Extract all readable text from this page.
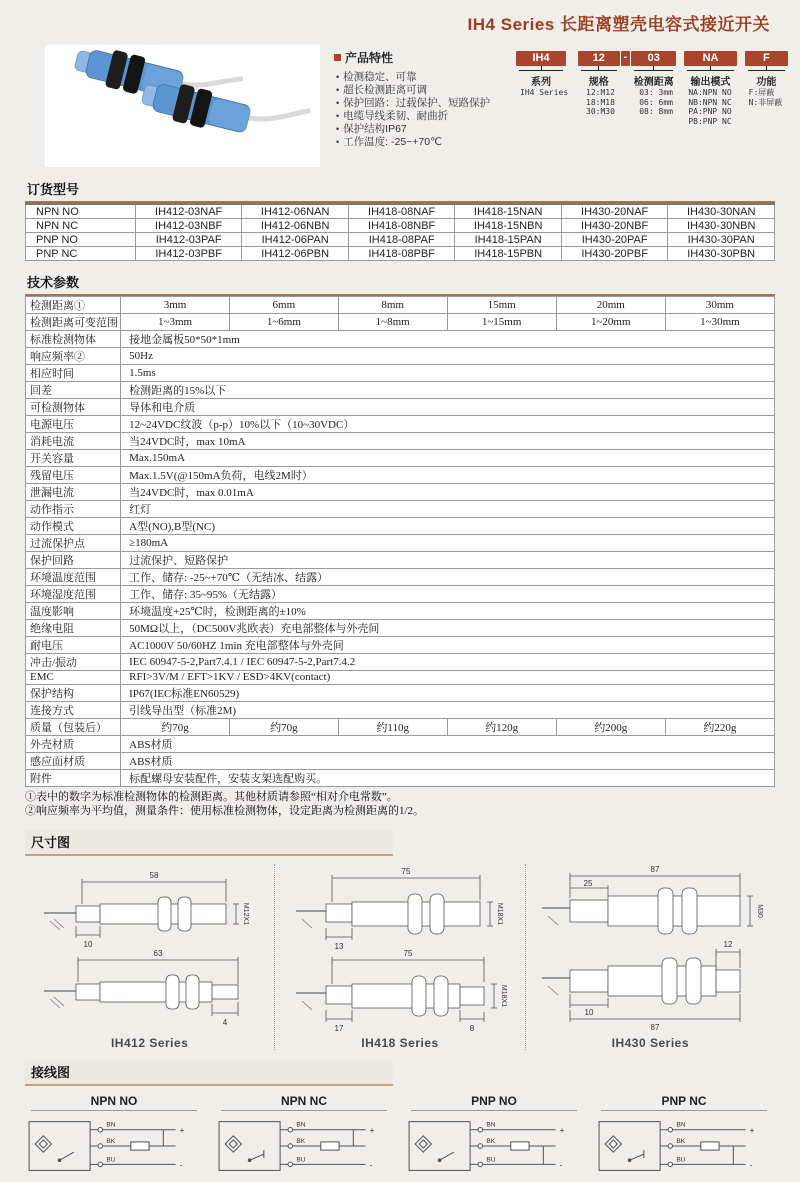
IH4 Series 长距离塑壳电容式接近开关
产品特性
• 检测稳定、可靠
• 超长检测距离可调
• 保护回路：过载保护、短路保护
• 电缆导线柔韧、耐曲折
• 保护结构IP67
• 工作温度: -25~+70℃
IH4
系列
IH4 Series
12
规格
12:M12
18:M18
30:M30
-	03
检测距离
03: 3mm
06: 6mm
08: 8mm
NA
输出模式
NA:NPN NO
NB:NPN NC
PA:PNP NO
PB:PNP NC
F
功能
F:屏蔽
N:非屏蔽
订货型号
NPN NO	IH412-03NAF	IH412-06NAN	IH418-08NAF	IH418-15NAN	IH430-20NAF	IH430-30NAN
NPN NC	IH412-03NBF	IH412-06NBN	IH418-08NBF	IH418-15NBN	IH430-20NBF	IH430-30NBN
PNP NO	IH412-03PAF	IH412-06PAN	IH418-08PAF	IH418-15PAN	IH430-20PAF	IH430-30PAN
PNP NC	IH412-03PBF	IH412-06PBN	IH418-08PBF	IH418-15PBN	IH430-20PBF	IH430-30PBN
技术参数
检测距离①	3mm	6mm	8mm	15mm	20mm	30mm
检测距离可变范围	1~3mm	1~6mm	1~8mm	1~15mm	1~20mm	1~30mm
标准检测物体	接地金属板50*50*1mm					
响应频率②	50Hz					
相应时间	1.5ms					
回差	检测距离的15%以下					
可检测物体	导体和电介质					
电源电压	12~24VDC纹波（p-p）10%以下（10~30VDC）					
消耗电流	当24VDC时，max 10mA					
开关容量	Max.150mA					
残留电压	Max.1.5V(@150mA负荷，电线2M时）					
泄漏电流	当24VDC时，max 0.01mA					
动作指示	红灯					
动作模式	A型(NO),B型(NC)					
过流保护点	≥180mA					
保护回路	过流保护、短路保护					
环境温度范围	工作、储存: -25~+70℃（无结冰、结露）					
环境湿度范围	工作、储存: 35~95%（无结露）					
温度影响	环境温度+25℃时，检测距离的±10%					
绝缘电阻	50MΩ以上，（DC500V兆欧表）充电部整体与外壳间					
耐电压	AC1000V 50/60HZ 1min 充电部整体与外壳间					
冲击/振动	IEC 60947-5-2,Part7.4.1 / IEC 60947-5-2,Part7.4.2					
EMC	RFI>3V/M / EFT>1KV / ESD>4KV(contact)					
保护结构	IP67(IEC标准EN60529)					
连接方式	引线导出型（标准2M)					
质量（包装后）	约70g	约70g	约110g	约120g	约200g	约220g
外壳材质	ABS材质					
感应面材质	ABS材质					
附件	标配螺母安装配件，安装支架选配购买。					
①表中的数字为标准检测物体的检测距离。其他材质请参照“相对介电常数”。
②响应频率为平均值，测量条件：使用标准检测物体，设定距离为检测距离的1/2。
尺寸图
58
10
M12X1
63
4
IH412 Series
75
13
M18X1
75
17	8
M18X1
IH418 Series
87
25
M30
12
10
87
IH430 Series
接线图
NPN NO
BN
BK
BU
+
-
NPN NC
BN
BK
BU
+
-
PNP NO
BN
BK
BU
+
-
PNP NC
BN
BK
BU
+
-
